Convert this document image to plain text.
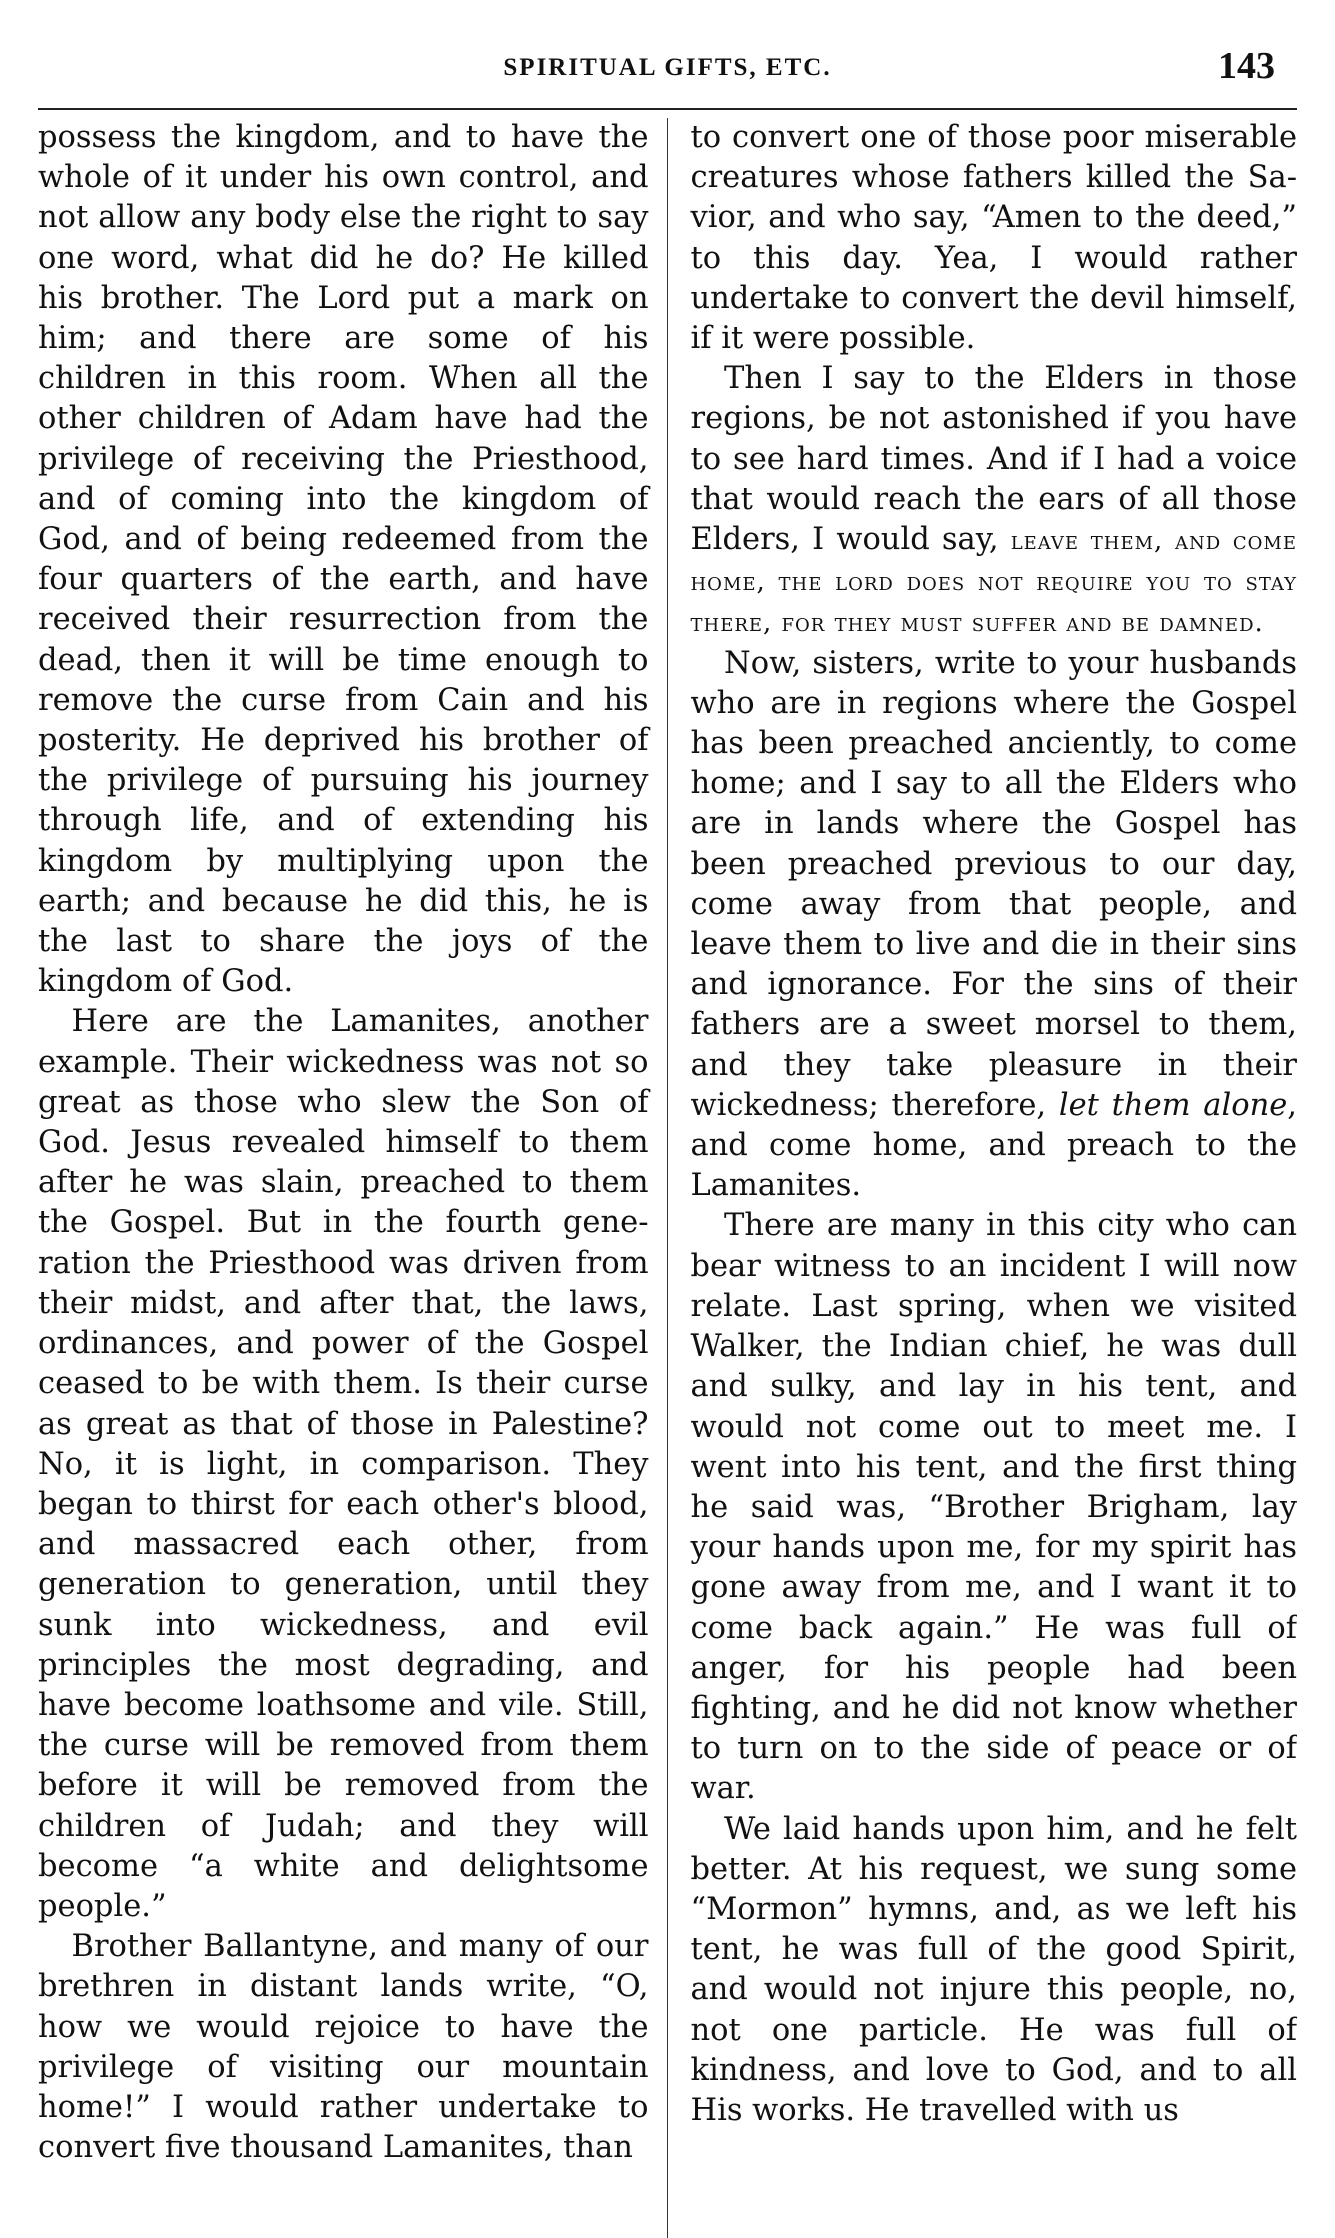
SPIRITUAL GIFTS, ETC.	143

possess the kingdom, and to have the whole of it under his own control, and not allow any body else the right to say one word, what did he do? He killed his brother. The Lord put a mark on him; and there are some of his children in this room. When all the other children of Adam have had the privilege of receiving the Priesthood, and of coming into the kingdom of God, and of being redeemed from the four quarters of the earth, and have received their resurrection from the dead, then it will be time enough to remove the curse from Cain and his posterity. He deprived his brother of the privilege of pursuing his journey through life, and of extending his kingdom by multiplying upon the earth; and because he did this, he is the last to share the joys of the kingdom of God.

Here are the Lamanites, another example. Their wickedness was not so great as those who slew the Son of God. Jesus revealed himself to them after he was slain, preached to them the Gospel. But in the fourth generation the Priesthood was driven from their midst, and after that, the laws, ordinances, and power of the Gospel ceased to be with them. Is their curse as great as that of those in Palestine? No, it is light, in comparison. They began to thirst for each other's blood, and massacred each other, from generation to generation, until they sunk into wickedness, and evil principles the most degrading, and have become loathsome and vile. Still, the curse will be removed from them before it will be removed from the children of Judah; and they will become “a white and delightsome people.”

Brother Ballantyne, and many of our brethren in distant lands write, “O, how we would rejoice to have the privilege of visiting our mountain home!” I would rather undertake to convert five thousand Lamanites, than

to convert one of those poor miserable creatures whose fathers killed the Savior, and who say, “Amen to the deed,” to this day. Yea, I would rather undertake to convert the devil himself, if it were possible.

Then I say to the Elders in those regions, be not astonished if you have to see hard times. And if I had a voice that would reach the ears of all those Elders, I would say, leave them, and come home, the lord does not require you to stay there, for they must suffer and be damned.

Now, sisters, write to your husbands who are in regions where the Gospel has been preached anciently, to come home; and I say to all the Elders who are in lands where the Gospel has been preached previous to our day, come away from that people, and leave them to live and die in their sins and ignorance. For the sins of their fathers are a sweet morsel to them, and they take pleasure in their wickedness; therefore, let them alone, and come home, and preach to the Lamanites.

There are many in this city who can bear witness to an incident I will now relate. Last spring, when we visited Walker, the Indian chief, he was dull and sulky, and lay in his tent, and would not come out to meet me. I went into his tent, and the first thing he said was, “Brother Brigham, lay your hands upon me, for my spirit has gone away from me, and I want it to come back again.” He was full of anger, for his people had been fighting, and he did not know whether to turn on to the side of peace or of war.

We laid hands upon him, and he felt better. At his request, we sung some “Mormon” hymns, and, as we left his tent, he was full of the good Spirit, and would not injure this people, no, not one particle. He was full of kindness, and love to God, and to all His works. He travelled with us
